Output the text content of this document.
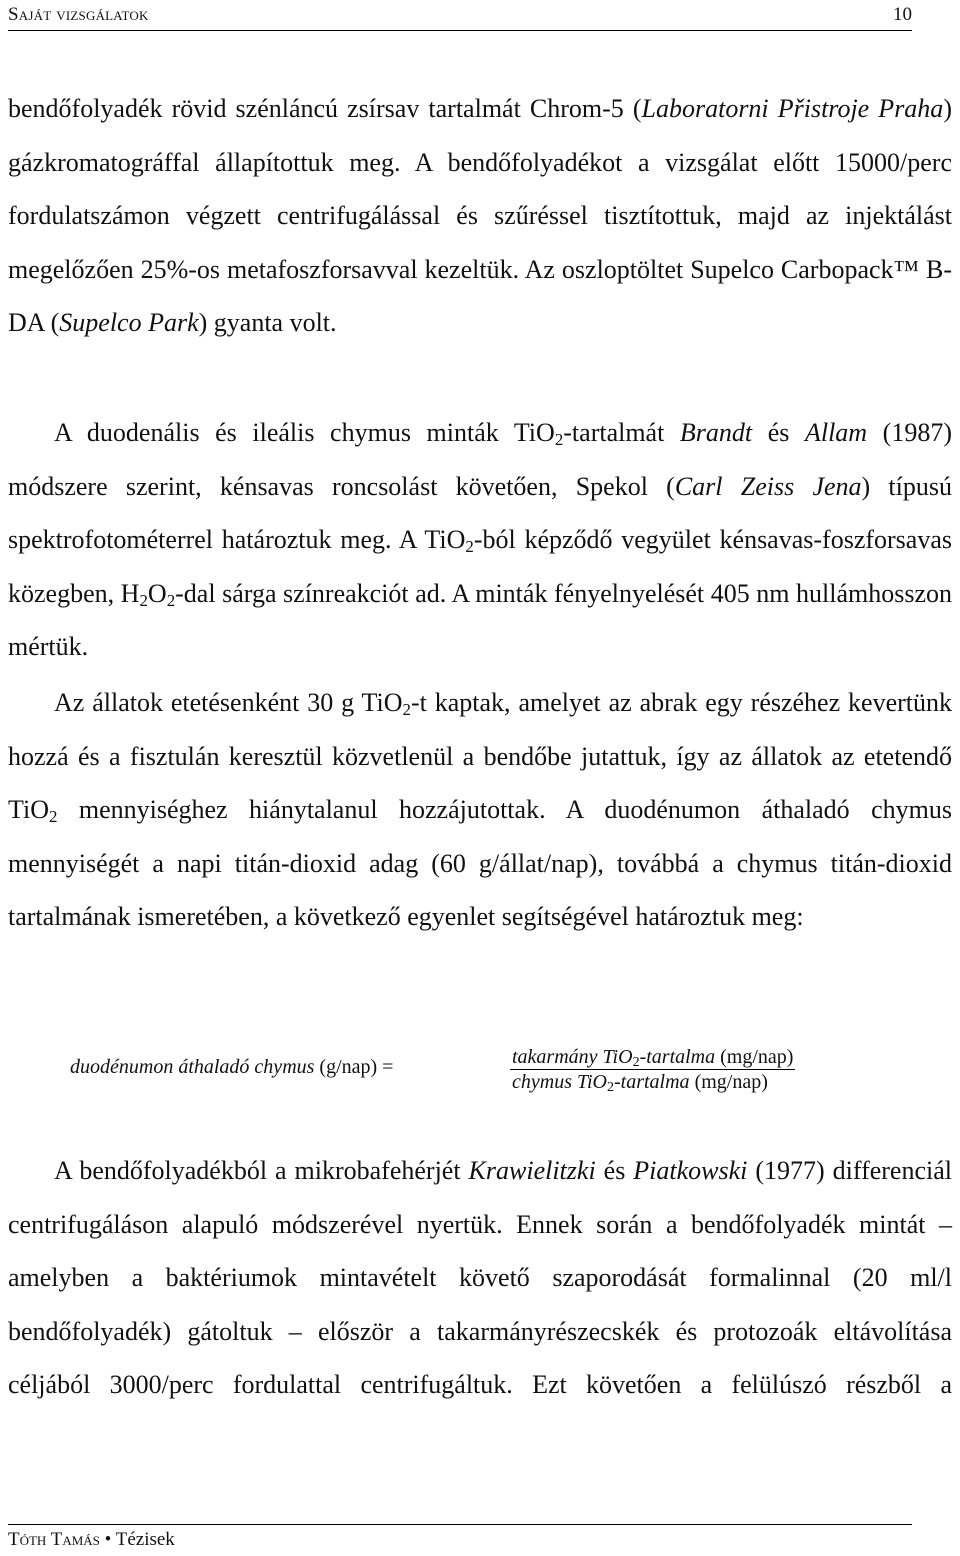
Saját vizsgálatok	10

bendőfolyadék rövid szénláncú zsírsav tartalmát Chrom-5 (Laboratorni Přistroje Praha) gázkromatográffal állapítottuk meg. A bendőfolyadékot a vizsgálat előtt 15000/perc fordulatszámon végzett centrifugálással és szűréssel tisztítottuk, majd az injektálást megelőzően 25%-os metafoszforsavval kezeltük. Az oszloptöltet Supelco Carbopack™ B-DA (Supelco Park) gyanta volt.

A duodenális és ileális chymus minták TiO$_2$-tartalmát Brandt és Allam (1987) módszere szerint, kénsavas roncsolást követően, Spekol (Carl Zeiss Jena) típusú spektrofotométerrel határoztuk meg. A TiO$_2$-ból képződő vegyület kénsavas-foszforsavas közegben, $H_2O_2$-dal sárga színreakciót ad. A minták fényelnyelését 405 nm hullámhosszon mértük.

Az állatok etetésenként 30 g TiO$_2$-t kaptak, amelyet az abrak egy részéhez kevertünk hozzá és a fisztulán keresztül közvetlenül a bendőbe jutattuk, így az állatok az etetendő TiO$_2$ mennyiséghez hiánytalanul hozzájutottak. A duodénumon áthaladó chymus mennyiségét a napi titán-dioxid adag (60 g/állat/nap), továbbá a chymus titán-dioxid tartalmának ismeretében, a következő egyenlet segítségével határoztuk meg:

duodénumon áthaladó chymus (g/nap) =	takarmány TiO$_2$-tartalma (mg/nap)
chymus TiO$_2$-tartalma (mg/nap)

A bendőfolyadékból a mikrobafehérjét Krawielitzki és Piatkowski (1977) differenciál centrifugáláson alapuló módszerével nyertük. Ennek során a bendőfolyadék mintát – amelyben a baktériumok mintavételt követő szaporodását formalinnal (20 ml/l bendőfolyadék) gátoltuk – először a takarmányrészecskék és protozoák eltávolítása céljából 3000/perc fordulattal centrifugáltuk. Ezt követően a felülúszó részből a

Tóth Tamás • Tézisek
